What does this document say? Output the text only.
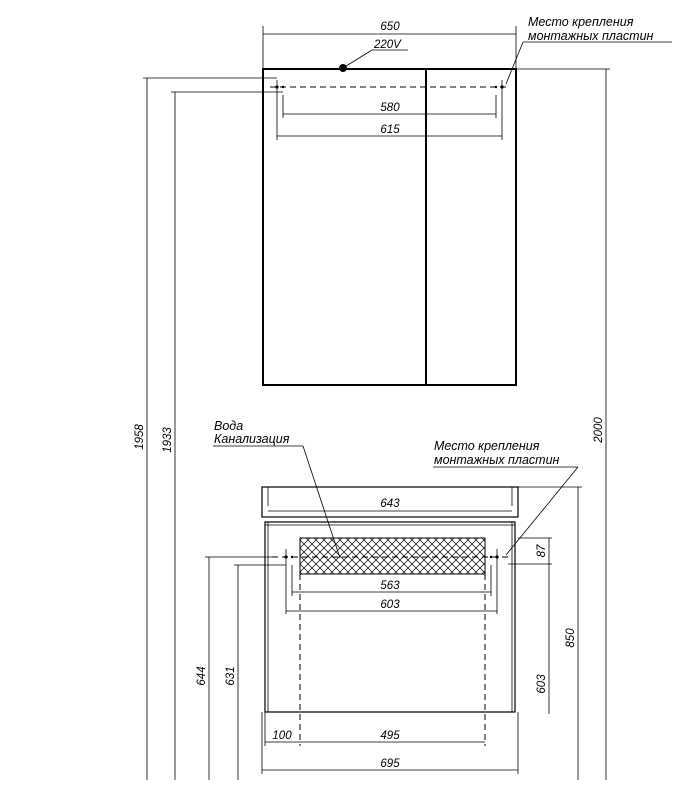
650
220V
580
615
Место крепления
монтажных пластин
643
563
603
87
603
850
644 631
100	495
695
Вода
Канализация	Место крепления
монтажных пластин
1958 1933	2000
